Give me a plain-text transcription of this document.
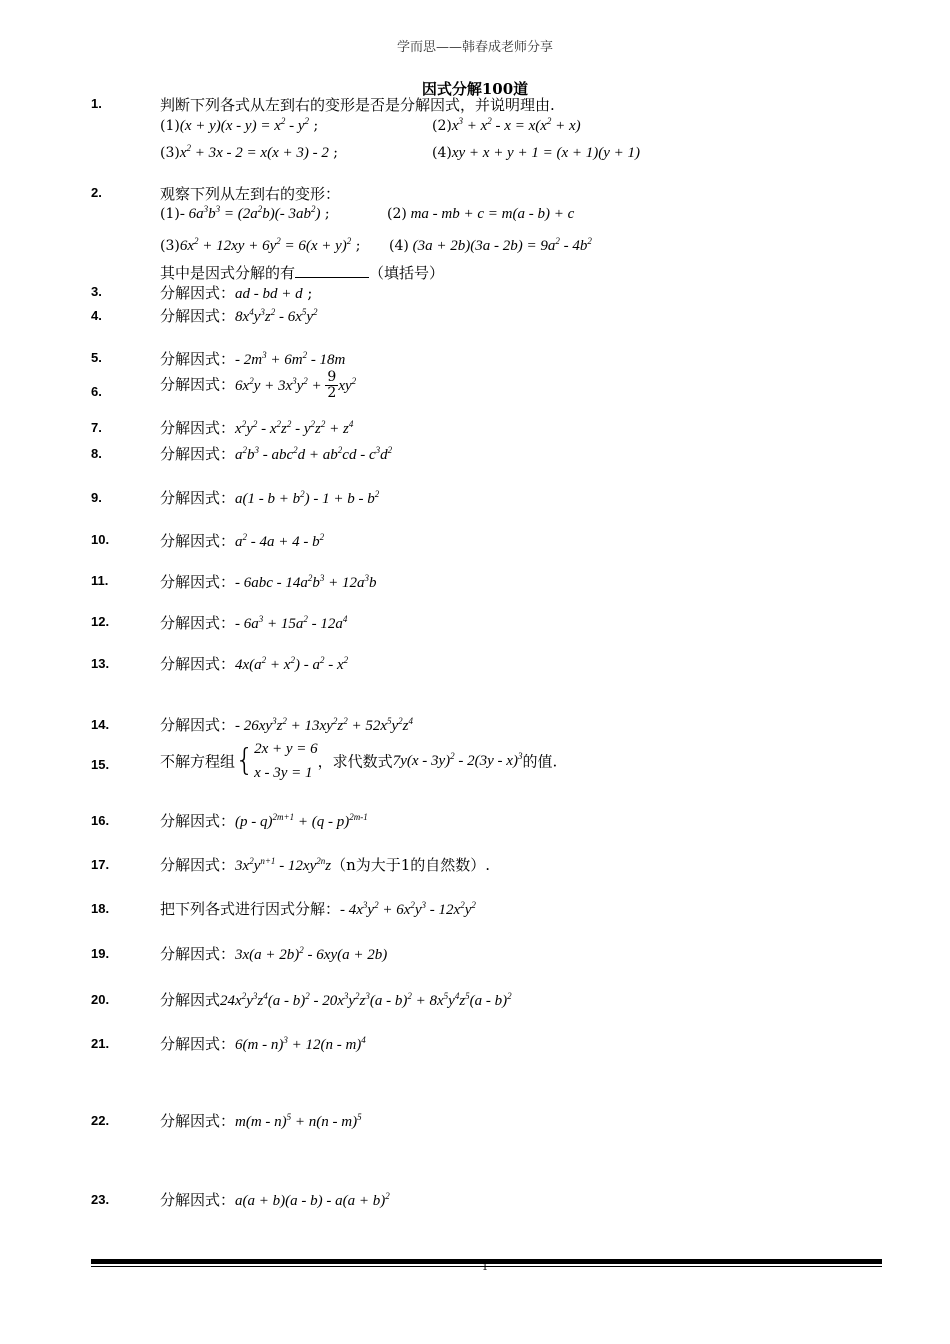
学而思——韩春成老师分享
因式分解100道
1.	判断下列各式从左到右的变形是否是分解因式，并说明理由.
$(1)(x + y)(x - y) = x^2 - y^2$ ;	$(2)x^3 + x^2 - x = x(x^2 + x)$
$(3)x^2 + 3x - 2 = x(x + 3) - 2$ ;	(4)xy + x + y + 1 = (x + 1)(y + 1)
2.	观察下列从左到右的变形：
(1)- $6a^3b^3 = (2a^2b)(-$ $3ab^2$) ;	(2) ma - mb + c = m(a - b) + c
$(3)6x^2 + 12xy + 6y^2 = 6(x + y)^2$ ; (4) $(3a + 2b)(3a - 2b) = 9a^2 - 4b^2$
其中是因式分解的有	（填括号）
3.	分解因式：ad - bd + d ;
4.	分解因式：$8x^4y^3z^2 - 6x^5y^2$
5.	分解因式：- $2m^3 + 6m^2 - 18m$
6.	分解因式：$6x^2y + 3x^3y^2 + \frac{9}{2} xy^2$
7.	分解因式：$x^2y^2 - x^2z^2 - y^2z^2 + z^4$
8.	分解因式：$a^2b^3 - abc^2d + ab^2cd - c^3d^2$
9.	分解因式：$a(1 - b + b^2) - 1 + b - b^2$
10.	分解因式：$a^2 - 4a + 4 - b^2$
11.	分解因式：- $6abc - 14a^2b^3 + 12a^3b$
12.	分解因式：- $6a^3 + 15a^2 - 12a^4$
13.	分解因式：$4x(a^2 + x^2) - a^2 - x^2$
14.	分解因式：- $26xy^3z^2 + 13xy^2z^2 + 52x^5y^2z^4$
15.	不解方程组{ 2x + y = 6
x - 3y = 1
，求代数式7y(x - 3y)$^2$ - 2(3y - x)$^3$的值.
16.	分解因式：(p - q)$^{2m+1}$ + (q - p)$^{2m-1}$
17.	分解因式：$3x^2y^{n+1} - 12xy^{2n}z(n$为大于1的自然数）.
18.	把下列各式进行因式分解：- $4x^3y^2 + 6x^2y^3 - 12x^2y^2$
19.	分解因式：$3x(a + 2b)^2 - 6xy(a + 2b)$
20.	分解因式$24x^2y^3z^4(a - b)^2 - 20x^3y^2z^3(a - b)^2 + 8x^5y^4z^5(a - b)^2$
21.	分解因式：6(m - n)$^3$ + 12(n - m)$^4$
22.	分解因式：m(m - n)$^5$ + n(n - m)$^5$
23.	分解因式：$a(a + b)(a - b) - a(a + b)^2$
1
